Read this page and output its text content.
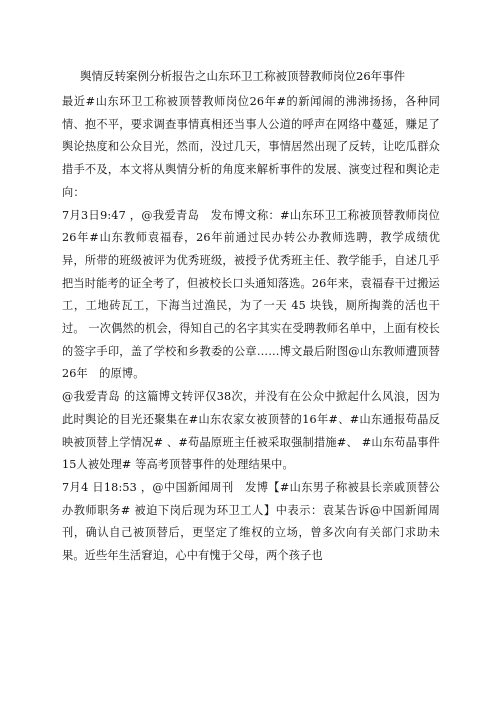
舆情反转案例分析报告之山东环卫工称被顶替教师岗位26年事件

最近#山东环卫工称被顶替教师岗位26年#的新闻闹的沸沸扬扬，各种同情、抱不平，要求调查事情真相还当事人公道的呼声在网络中蔓延，赚足了舆论热度和公众目光，然而，没过几天，事情居然出现了反转，让吃瓜群众措手不及，本文将从舆情分析的角度来解析事件的发展、演变过程和舆论走向：

7月3日9:47 ，@我爱青岛　发布博文称：#山东环卫工称被顶替教师岗位26年#山东教师袁福春，26年前通过民办转公办教师选聘，教学成绩优异，所带的班级被评为优秀班级，被授予优秀班主任、教学能手，自述几乎把当时能考的证全考了，但被校长口头通知落选。26年来，袁福春干过搬运工，工地砖瓦工，下海当过渔民，为了一天 45 块钱，厕所掏粪的活也干过。 一次偶然的机会，得知自己的名字其实在受聘教师名单中，上面有校长的签字手印，盖了学校和乡教委的公章……博文最后附图@山东教师遭顶替26年　的原博。

@我爱青岛 的这篇博文转评仅38次，并没有在公众中掀起什么风浪，因为此时舆论的目光还聚集在#山东农家女被顶替的16年#、#山东通报苟晶反映被顶替上学情况# 、#苟晶原班主任被采取强制措施#、 #山东苟晶事件15人被处理# 等高考顶替事件的处理结果中。

7月4 日18:53 ，@中国新闻周刊　发博【#山东男子称被县长亲戚顶替公办教师职务# 被迫下岗后现为环卫工人】中表示：袁某告诉@中国新闻周刊，确认自己被顶替后，更坚定了维权的立场，曾多次向有关部门求助未果。近些年生活窘迫，心中有愧于父母，两个孩子也
